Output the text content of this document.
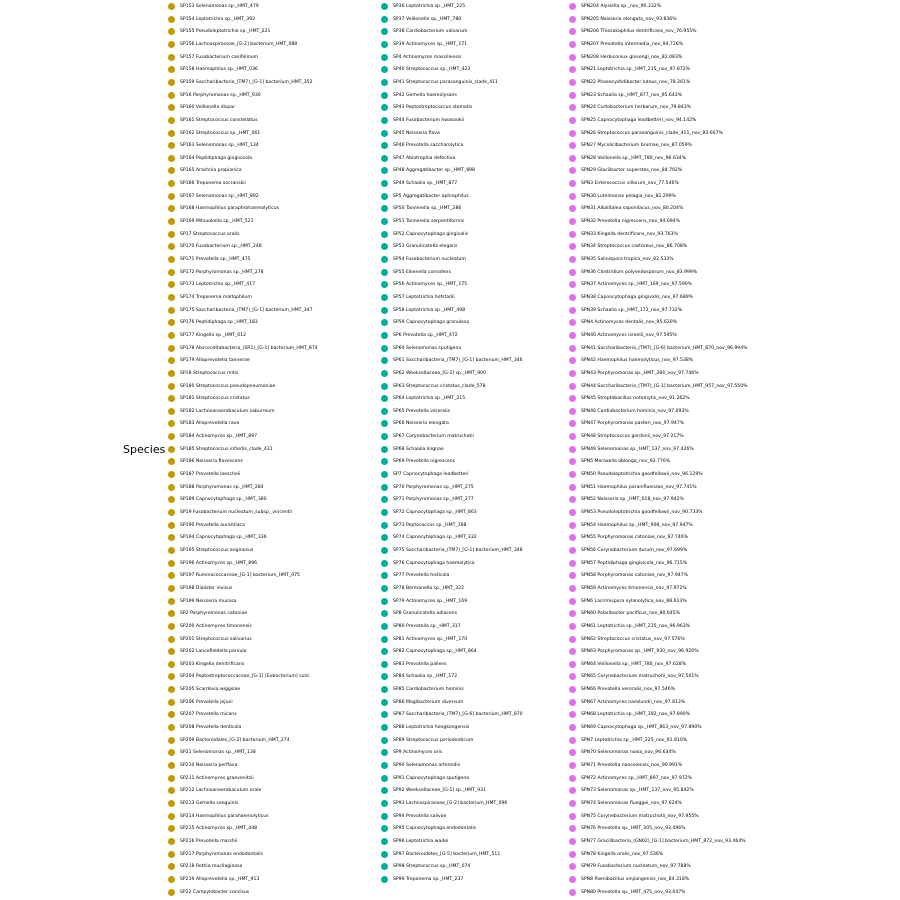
Species
SP153 Selenomonas sp._HMT_479
SP154 Leptotrichia sp._HMT_392
SP155 Pseudoleptotrichia sp._HMT_221
SP156 Lachnospiraceae_[G-2] bacterium_HMT_088
SP157 Fusobacterium canifelinum
SP158 Haemophilus sp._HMT_036
SP159 Saccharibacteria_(TM7)_[G-1] bacterium_HMT_352
SP16 Porphyromonas sp._HMT_930
SP160 Veillonella dispar
SP161 Streptococcus constellatus
SP162 Streptococcus sp._HMT_061
SP163 Selenomonas sp._HMT_134
SP164 Peptidiphaga gingivicola
SP165 Arachnia propionica
SP166 Treponema socranskii
SP167 Selenomonas sp._HMT_892
SP168 Haemophilus paraphrohaemolyticus
SP169 Mitsuokella sp._HMT_521
SP17 Streptococcus oralis
SP170 Fusobacterium sp._HMT_248
SP171 Prevotella sp._HMT_475
SP172 Porphyromonas sp._HMT_278
SP173 Leptotrichia sp._HMT_417
SP174 Treponema maltophilum
SP175 Saccharibacteria_(TM7)_[G-1] bacterium_HMT_347
SP176 Peptidiphaga sp._HMT_183
SP177 Kingella sp._HMT_012
SP178 Absconditabacteria_(SR1)_[G-1] bacterium_HMT_874
SP179 Alloprevotella tannerae
SP18 Streptococcus mitis
SP180 Streptococcus pseudopneumoniae
SP181 Streptococcus cristatus
SP182 Lachnoanaerobaculum saburreum
SP183 Alloprevotella rava
SP184 Actinomyces sp._HMT_897
SP185 Streptococcus infantis_clade_431
SP186 Neisseria flavescens
SP187 Prevotella loescheii
SP188 Porphyromonas sp._HMT_284
SP189 Capnocytophaga sp._HMT_380
SP19 Fusobacterium nucleatum_subsp._vincentii
SP190 Prevotella aurantiaca
SP194 Capnocytophaga sp._HMT_336
SP195 Streptococcus anginosus
SP196 Actinomyces sp._HMT_896
SP197 Ruminococcaceae_[G-1] bacterium_HMT_075
SP198 Dialister invisus
SP199 Neisseria mucosa
SP2 Porphyromonas catoniae
SP200 Actinomyces timonensis
SP201 Streptococcus salivarius
SP202 Lancefieldella parvula
SP203 Kingella denitrificans
SP204 Peptostreptococcaceae_[G-1] [Eubacterium] sulci
SP205 Scardovia wiggsiae
SP206 Prevotella jejuni
SP207 Prevotella micans
SP208 Prevotella denticola
SP209 Bacteroidales_[G-2] bacterium_HMT_274
SP21 Selenomonas sp._HMT_138
SP210 Neisseria perflava
SP211 Actinomyces graevenitzii
SP212 Lachnoanaerobaculum orale
SP213 Gemella sanguinis
SP214 Haemophilus parahaemolyticus
SP215 Actinomyces sp._HMT_448
SP216 Prevotella marshii
SP217 Porphyromonas endodontalis
SP218 Rothia mucilaginosa
SP219 Alloprevotella sp._HMT_913
SP22 Campylobacter concisus
SP36 Leptotrichia sp._HMT_225
SP37 Veillonella sp._HMT_780
SP38 Cardiobacterium valvarum
SP39 Actinomyces sp._HMT_171
SP4 Actinomyces massiliensis
SP40 Streptococcus sp._HMT_423
SP41 Streptococcus parasanguinis_clade_411
SP42 Gemella haemolysans
SP43 Peptostreptococcus stomatis
SP44 Fusobacterium hwasookii
SP45 Neisseria flava
SP46 Prevotella saccharolytica
SP47 Abiotrophia defectiva
SP48 Aggregatibacter sp._HMT_898
SP49 Schaalia sp._HMT_877
SP5 Aggregatibacter aphrophilus
SP50 Tannerella sp._HMT_286
SP51 Tannerella serpentiformis
SP52 Capnocytophaga gingivalis
SP53 Granulicatella elegans
SP54 Fusobacterium nucleatum
SP55 Eikenella corrodens
SP56 Actinomyces sp._HMT_175
SP57 Leptotrichia hofstadii
SP58 Leptotrichia sp._HMT_498
SP59 Capnocytophaga granulosa
SP6 Prevotella sp._HMT_472
SP60 Selenomonas sputigena
SP61 Saccharibacteria_(TM7)_[G-1] bacterium_HMT_346
SP62 Weeksellaceae_[G-1] sp._HMT_900
SP63 Streptococcus cristatus_clade_578
SP64 Leptotrichia sp._HMT_215
SP65 Prevotella veroralis
SP66 Neisseria elongata
SP67 Corynebacterium matruchotii
SP68 Schaalia lingnae
SP69 Prevotella nigrescens
SP7 Capnocytophaga leadbetteri
SP70 Porphyromonas sp._HMT_275
SP71 Porphyromonas sp._HMT_277
SP72 Capnocytophaga sp._HMT_863
SP73 Peptococcus sp._HMT_168
SP74 Capnocytophaga sp._HMT_332
SP75 Saccharibacteria_(TM7)_[G-1] bacterium_HMT_348
SP76 Capnocytophaga haemolytica
SP77 Prevotella histicola
SP78 Bermanella sp._HMT_322
SP79 Actinomyces sp._HMT_169
SP8 Granulicatella adiacens
SP80 Prevotella sp._HMT_317
SP81 Actinomyces sp._HMT_170
SP82 Capnocytophaga sp._HMT_864
SP83 Prevotella pallens
SP84 Schaalia sp._HMT_172
SP85 Cardiobacterium hominis
SP86 Mogibacterium diversum
SP87 Saccharibacteria_(TM7)_[G-6] bacterium_HMT_870
SP88 Leptotrichia hongkongensis
SP89 Streptococcus periodonticum
SP9 Actinomyces oris
SP90 Selenomonas artemidis
SP91 Capnocytophaga sputigena
SP92 Weeksellaceae_[G-1] sp._HMT_931
SP93 Lachnospiraceae_[G-2] bacterium_HMT_096
SP94 Prevotella salivae
SP95 Capnocytophaga endodontalis
SP96 Leptotrichia wadei
SP97 Bacteroidetes_[G-5] bacterium_HMT_511
SP98 Streptococcus sp._HMT_074
SP99 Treponema sp._HMT_237
SPN204 Alysiella sp._nov_90.332%
SPN205 Neisseria elongata_nov_93.836%
SPN206 Thiosakaphilus dentrificans_nov_76.955%
SPN207 Prevotella intermedia_nov_94.726%
SPN208 Herbiconiux ginsengi_nov_82.083%
SPN21 Leptotrichia sp._HMT_215_nov_97.872%
SPN22 Phaeocystidibacter luteus_nov_78.261%
SPN23 Schaalia sp._HMT_877_nov_95.643%
SPN24 Curtobacterium herbarum_nov_79.843%
SPN25 Capnocytophaga leadbetteri_nov_94.142%
SPN26 Streptococcus parasanguinis_clade_411_nov_83.607%
SPN27 Mycolicibacterium brumae_nov_87.059%
SPN28 Veillonella sp._HMT_780_nov_96.634%
SPN29 Glaciibacter superstes_nov_84.792%
SPN3 Enterococcus villorum_nov_77.546%
SPN30 Luteimonas pelagia_nov_82.299%
SPN31 Alkalitalea saponilacus_nov_80.204%
SPN32 Prevotella nigrescens_nov_94.694%
SPN33 Kingella dentrificans_nov_93.763%
SPN34 Streptococcus castoreus_nov_86.708%
SPN35 Salinispora tropica_nov_82.533%
SPN36 Clostridium polyendosporum_nov_83.999%
SPN37 Actinomyces sp._HMT_169_nov_97.590%
SPN38 Capnocytophaga gingivalis_nov_97.689%
SPN39 Schaalia sp._HMT_172_nov_97.732%
SPN4 Actinomyces dentalis_nov_95.620%
SPN40 Actinomyces israelii_nov_97.595%
SPN41 Saccharibacteria_(TM7)_[G-6] bacterium_HMT_870_nov_96.994%
SPN42 Haemophilus haemolyticus_nov_97.538%
SPN43 Porphyromonas sp._HMT_284_nov_97.746%
SPN44 Saccharibacteria_(TM7)_[G-1] bacterium_HMT_957_nov_97.550%
SPN45 Streptobacillus notomytis_nov_91.262%
SPN46 Cardiobacterium hominis_nov_97.093%
SPN47 Porphyromonas pasteri_nov_97.947%
SPN48 Streptococcus gordonii_nov_97.217%
SPN49 Selenomonas sp._HMT_137_nov_97.426%
SPN5 Moraxella oblonga_nov_93.776%
SPN50 Pseudoleptotrichia goodfellowii_nov_96.129%
SPN51 Haemophilus parainfluenzae_nov_97.741%
SPN52 Neisseria sp._HMT_018_nov_97.942%
SPN53 Pseudoleptotrichia goodfellowii_nov_90.733%
SPN54 Haemophilus sp._HMT_908_nov_97.947%
SPN55 Porphyromonas catoniae_nov_97.746%
SPN56 Corynebacterium durum_nov_97.699%
SPN57 Peptidiphaga gingivicola_nov_96.715%
SPN58 Porphyromonas catoniae_nov_97.947%
SPN59 Actinomyces timonensis_nov_97.972%
SPN6 Lacrimispora xylanolytica_nov_88.613%
SPN60 Polaribacter pacificus_nov_80.645%
SPN61 Leptotrichia sp._HMT_215_nov_96.963%
SPN62 Streptococcus cristatus_nov_97.576%
SPN63 Porphyromonas sp._HMT_930_nov_96.920%
SPN64 Veillonella sp._HMT_780_nov_97.628%
SPN65 Corynebacterium matruchotii_nov_97.561%
SPN66 Prevotella veroralis_nov_97.546%
SPN67 Actinomyces naeslundii_nov_97.813%
SPN68 Leptotrichia sp._HMT_392_nov_97.890%
SPN69 Capnocytophaga sp._HMT_863_nov_97.890%
SPN7 Leptotrichia sp._HMT_225_nov_91.810%
SPN70 Selenomonas noxia_nov_96.634%
SPN71 Prevotella nanceiensis_nov_90.991%
SPN72 Actinomyces sp._HMT_897_nov_97.972%
SPN73 Selenomonas sp._HMT_137_nov_95.842%
SPN74 Selenomonas flueggei_nov_97.624%
SPN75 Corynebacterium matruchotii_nov_97.955%
SPN76 Prevotella sp._HMT_305_nov_93.496%
SPN77 Gracilibacteria_(GN02)_[G-1] bacterium_HMT_872_nov_93.464%
SPN78 Kingella oralis_nov_97.536%
SPN79 Fusobacterium nucleatum_nov_97.788%
SPN8 Paenibacillus xinjiangensis_nov_84.318%
SPN80 Prevotella sp._HMT_475_nov_93.047%
